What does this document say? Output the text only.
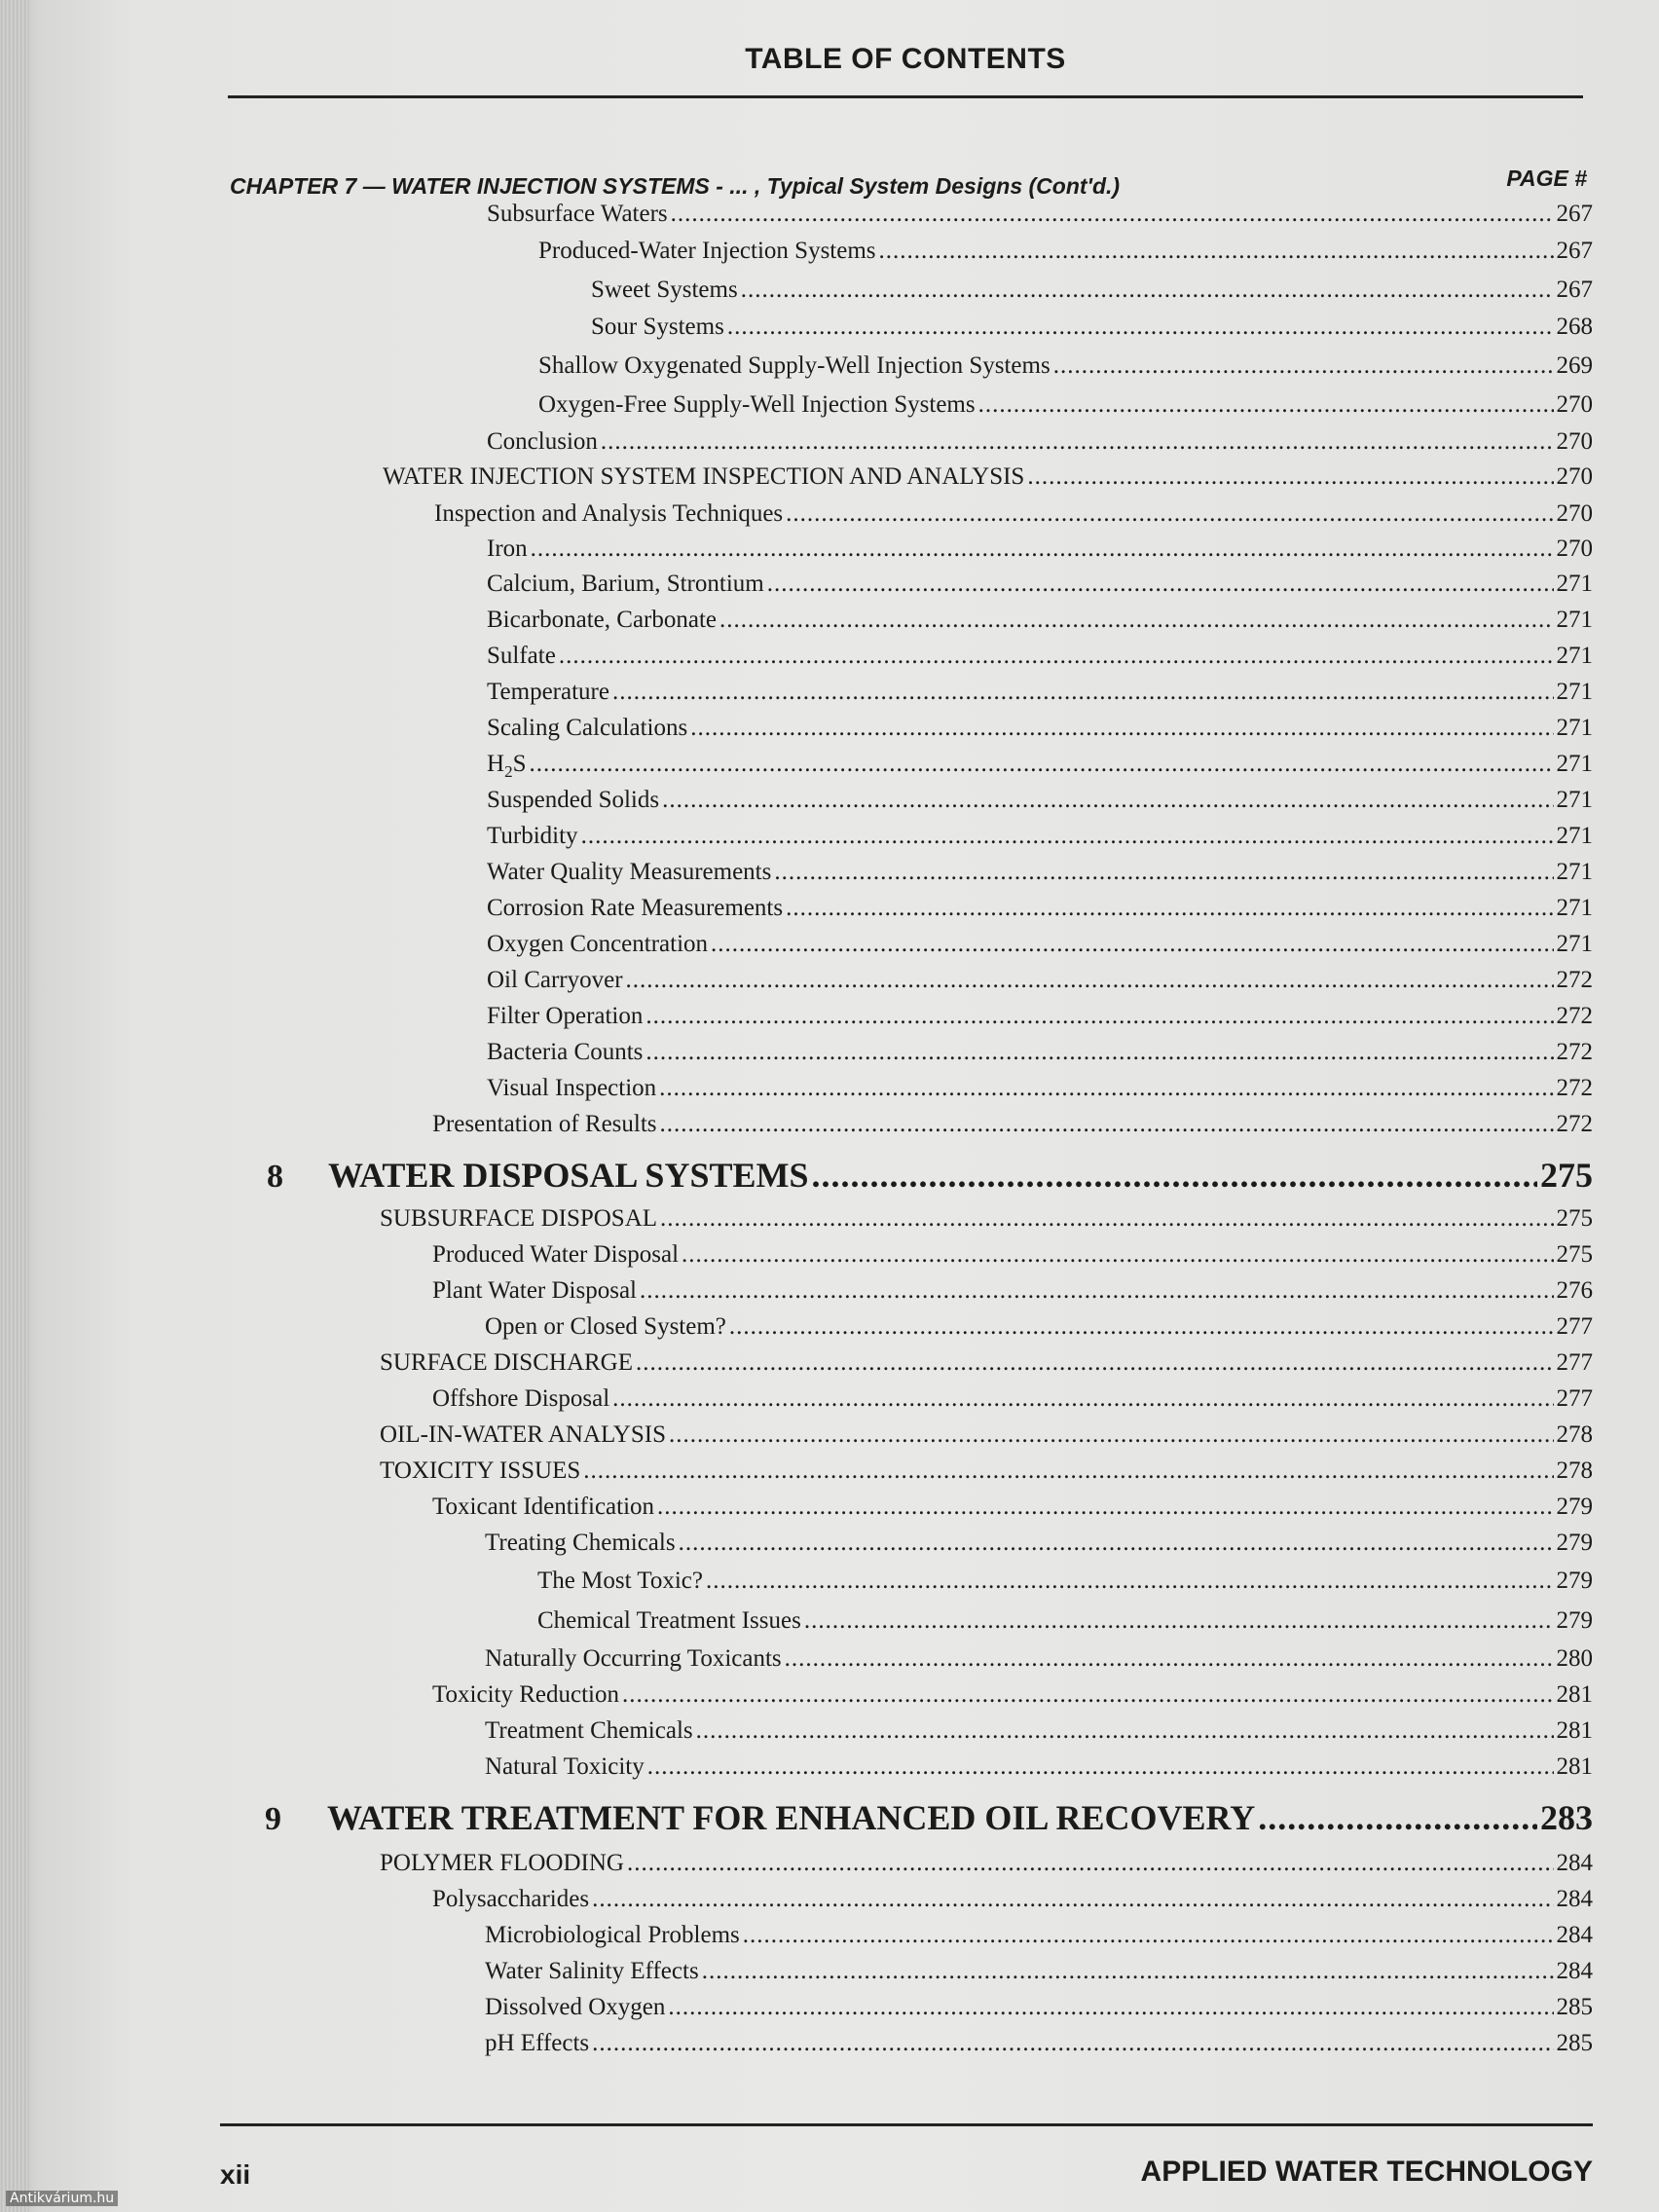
TABLE OF CONTENTS
CHAPTER 7 — WATER INJECTION SYSTEMS - ... , Typical System Designs (Cont'd.)	PAGE #
Subsurface Waters .....	267
Produced-Water Injection Systems .....	267
Sweet Systems .....	267
Sour Systems .....	268
Shallow Oxygenated Supply-Well Injection Systems .....	269
Oxygen-Free Supply-Well Injection Systems .....	270
Conclusion .....	270
WATER INJECTION SYSTEM INSPECTION AND ANALYSIS .....	270
Inspection and Analysis Techniques .....	270
Iron .....	270
Calcium, Barium, Strontium .....	271
Bicarbonate, Carbonate .....	271
Sulfate .....	271
Temperature .....	271
Scaling Calculations .....	271
$H_2S$ .....	271
Suspended Solids .....	271
Turbidity .....	271
Water Quality Measurements .....	271
Corrosion Rate Measurements .....	271
Oxygen Concentration .....	271
Oil Carryover .....	272
Filter Operation .....	272
Bacteria Counts .....	272
Visual Inspection .....	272
Presentation of Results .....	272
8 WATER DISPOSAL SYSTEMS .....	275
SUBSURFACE DISPOSAL .....	275
Produced Water Disposal .....	275
Plant Water Disposal .....	276
Open or Closed System? .....	277
SURFACE DISCHARGE .....	277
Offshore Disposal .....	277
OIL-IN-WATER ANALYSIS .....	278
TOXICITY ISSUES .....	278
Toxicant Identification .....	279
Treating Chemicals .....	279
The Most Toxic? .....	279
Chemical Treatment Issues .....	279
Naturally Occurring Toxicants .....	280
Toxicity Reduction .....	281
Treatment Chemicals .....	281
Natural Toxicity .....	281
9 WATER TREATMENT FOR ENHANCED OIL RECOVERY .....	283
POLYMER FLOODING .....	284
Polysaccharides .....	284
Microbiological Problems .....	284
Water Salinity Effects .....	284
Dissolved Oxygen .....	285
pH Effects .....	285
xii	APPLIED WATER TECHNOLOGY
Antikvárium.hu
